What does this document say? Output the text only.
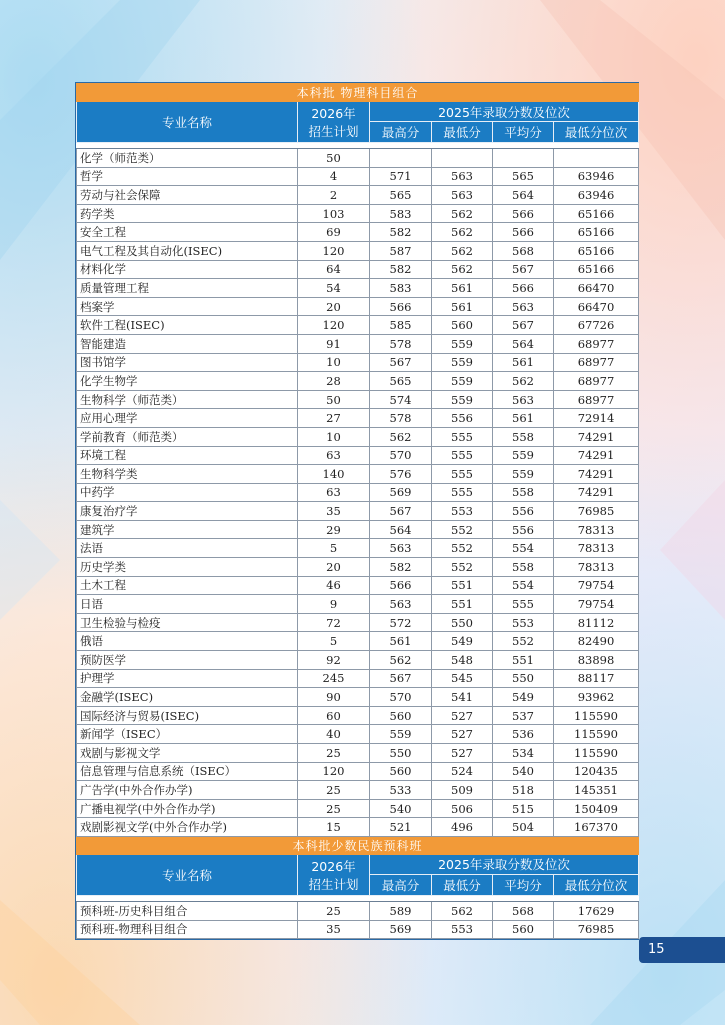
本科批 物理科目组合					
专业名称	2026年
招生计划	2025年录取分数及位次			
		最高分	最低分	平均分	最低分位次

化学（师范类）	50				
哲学	4	571	563	565	63946
劳动与社会保障	2	565	563	564	63946
药学类	103	583	562	566	65166
安全工程	69	582	562	566	65166
电气工程及其自动化(ISEC)	120	587	562	568	65166
材料化学	64	582	562	567	65166
质量管理工程	54	583	561	566	66470
档案学	20	566	561	563	66470
软件工程(ISEC)	120	585	560	567	67726
智能建造	91	578	559	564	68977
图书馆学	10	567	559	561	68977
化学生物学	28	565	559	562	68977
生物科学（师范类）	50	574	559	563	68977
应用心理学	27	578	556	561	72914
学前教育（师范类）	10	562	555	558	74291
环境工程	63	570	555	559	74291
生物科学类	140	576	555	559	74291
中药学	63	569	555	558	74291
康复治疗学	35	567	553	556	76985
建筑学	29	564	552	556	78313
法语	5	563	552	554	78313
历史学类	20	582	552	558	78313
土木工程	46	566	551	554	79754
日语	9	563	551	555	79754
卫生检验与检疫	72	572	550	553	81112
俄语	5	561	549	552	82490
预防医学	92	562	548	551	83898
护理学	245	567	545	550	88117
金融学(ISEC)	90	570	541	549	93962
国际经济与贸易(ISEC)	60	560	527	537	115590
新闻学（ISEC）	40	559	527	536	115590
戏剧与影视文学	25	550	527	534	115590
信息管理与信息系统（ISEC）	120	560	524	540	120435
广告学(中外合作办学)	25	533	509	518	145351
广播电视学(中外合作办学)	25	540	506	515	150409
戏剧影视文学(中外合作办学)	15	521	496	504	167370
本科批少数民族预科班					
专业名称	2026年
招生计划	2025年录取分数及位次			
		最高分	最低分	平均分	最低分位次

预科班-历史科目组合	25	589	562	568	17629
预科班-物理科目组合	35	569	553	560	76985
15
